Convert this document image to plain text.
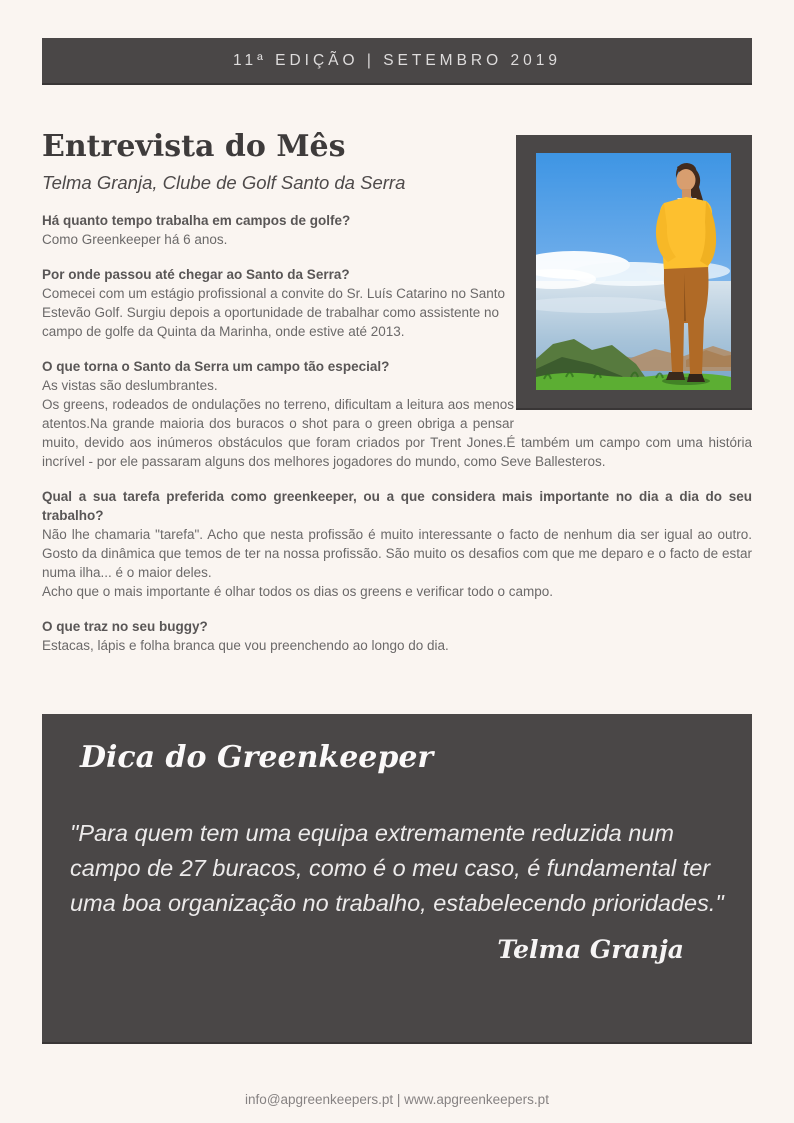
11ª EDIÇÃO | SETEMBRO 2019
Entrevista do Mês
Telma Granja, Clube de Golf Santo da Serra

Há quanto tempo trabalha em campos de golfe?

Como Greenkeeper há 6 anos.

Por onde passou até chegar ao Santo da Serra?

Comecei com um estágio profissional a convite do Sr. Luís Catarino no Santo Estevão Golf. Surgiu depois a oportunidade de trabalhar como assistente no campo de golfe da Quinta da Marinha, onde estive até 2013.

O que torna o Santo da Serra um campo tão especial?

As vistas são deslumbrantes.

Os greens, rodeados de ondulações no terreno, dificultam a leitura aos menos atentos.Na grande maioria dos buracos o shot para o green obriga a pensar muito, devido aos inúmeros obstáculos que foram criados por Trent Jones.É também um campo com uma história incrível - por ele passaram alguns dos melhores jogadores do mundo, como Seve Ballesteros.

Qual a sua tarefa preferida como greenkeeper, ou a que considera mais importante no dia a dia do seu trabalho?

Não lhe chamaria "tarefa". Acho que nesta profissão é muito interessante o facto de nenhum dia ser igual ao outro. Gosto da dinâmica que temos de ter na nossa profissão. São muito os desafios com que me deparo e o facto de estar numa ilha... é o maior deles.

Acho que o mais importante é olhar todos os dias os greens e verificar todo o campo.

O que traz no seu buggy?

Estacas, lápis e folha branca que vou preenchendo ao longo do dia.

Dica do Greenkeeper

"Para quem tem uma equipa extremamente reduzida num campo de 27 buracos, como é o meu caso, é fundamental ter uma boa organização no trabalho, estabelecendo prioridades."

Telma Granja

info@apgreenkeepers.pt | www.apgreenkeepers.pt
